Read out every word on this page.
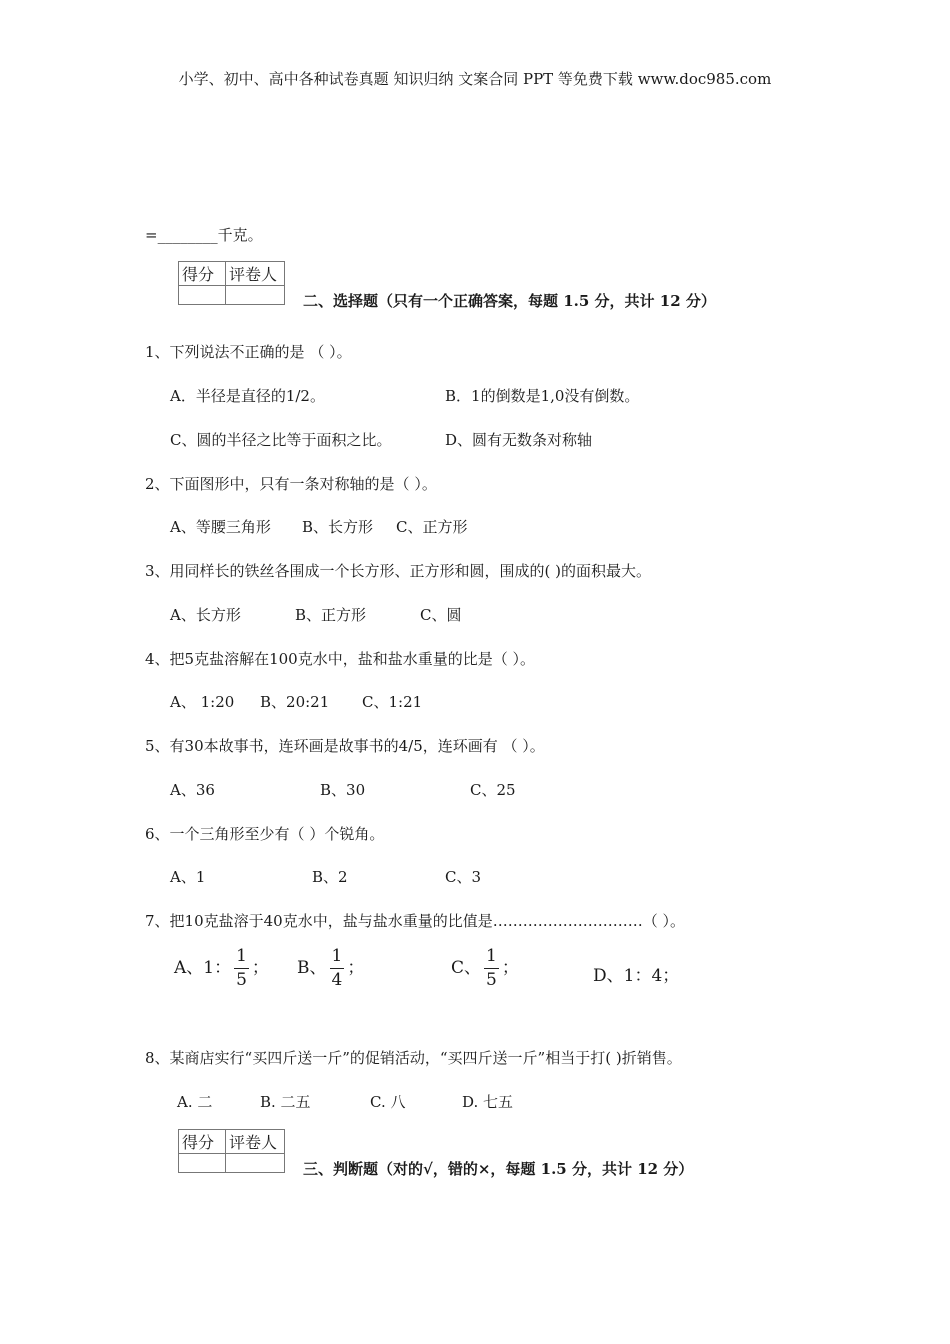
小学、初中、高中各种试卷真题 知识归纳 文案合同 PPT 等免费下载 www.doc985.com
=________千克。
得分	评卷人

二、选择题（只有一个正确答案，每题 1.5 分，共计 12 分）
1、下列说法不正确的是 （ ）。
A．半径是直径的1/2。	B．1的倒数是1,0没有倒数。
C、圆的半径之比等于面积之比。	D、圆有无数条对称轴
2、下面图形中，只有一条对称轴的是（ ）。
A、等腰三角形 B、长方形 C、正方形
3、用同样长的铁丝各围成一个长方形、正方形和圆，围成的( )的面积最大。
A、长方形	B、正方形	C、圆
4、把5克盐溶解在100克水中，盐和盐水重量的比是（ ）。
A、 1:20 B、20:21 C、1:21
5、有30本故事书，连环画是故事书的4/5，连环画有 （ ）。
A、36	B、30	C、25
6、一个三角形至少有（ ）个锐角。
A、1	B、2	C、3
7、把10克盐溶于40克水中，盐与盐水重量的比值是…………………………（ ）。
A、1： $\frac{1}{5}$ ； B、 $\frac{1}{4}$ ；	C、 $\frac{1}{5}$ ；	D、1：4；
8、某商店实行“买四斤送一斤”的促销活动，“买四斤送一斤”相当于打( )折销售。
A. 二	B. 二五	C. 八	D. 七五
得分	评卷人

三、判断题（对的√，错的×，每题 1.5 分，共计 12 分）
